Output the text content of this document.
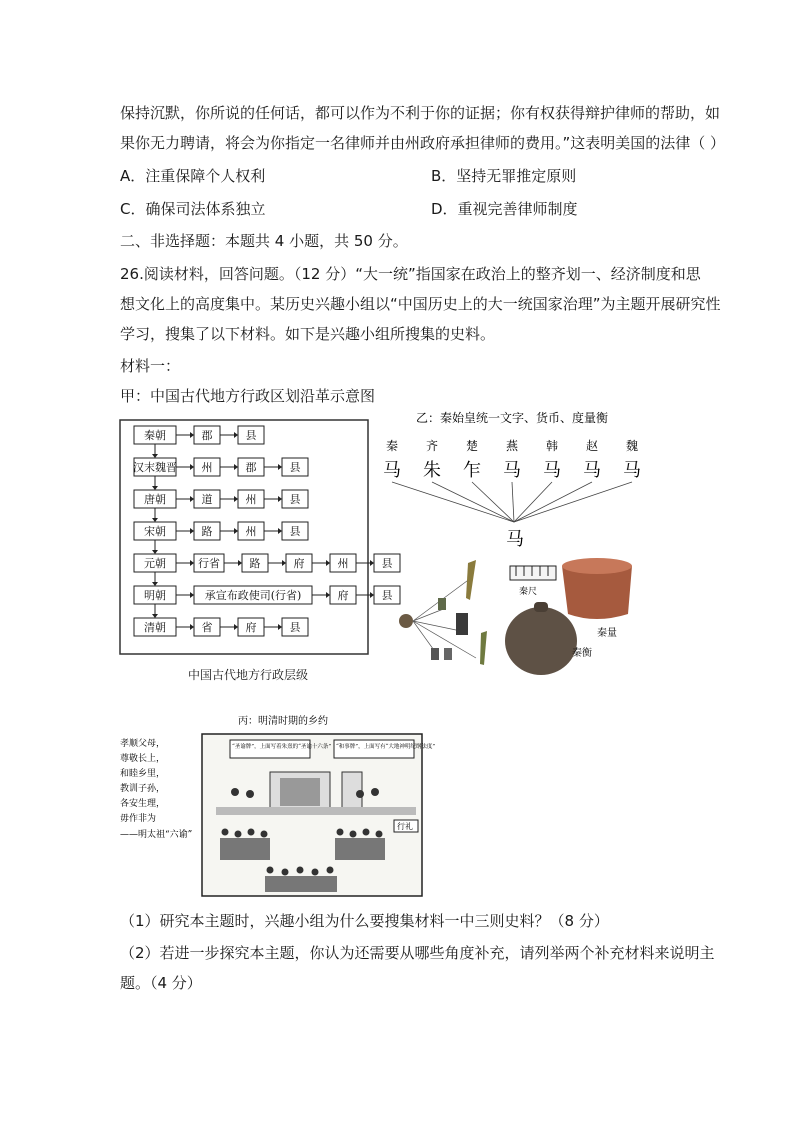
保持沉默，你所说的任何话，都可以作为不利于你的证据；你有权获得辩护律师的帮助，如
果你无力聘请，将会为你指定一名律师并由州政府承担律师的费用。”这表明美国的法律（ ）
A．注重保障个人权利	B．坚持无罪推定原则
C．确保司法体系独立	D．重视完善律师制度
二、非选择题：本题共 4 小题，共 50 分。
26.阅读材料，回答问题。（12 分）“大一统”指国家在政治上的整齐划一、经济制度和思
想文化上的高度集中。某历史兴趣小组以“中国历史上的大一统国家治理”为主题开展研究性
学习，搜集了以下材料。如下是兴趣小组所搜集的史料。
材料一：
甲：中国古代地方行政区划沿革示意图
秦朝	郡	县
汉末魏晋 州	郡	县
唐朝	道	州	县
宋朝	路	州	县
元朝	行省	路	府	州	县
明朝	承宣布政使司(行省)	府	县
清朝	省	府	县
中国古代地方行政层级
乙：秦始皇统一文字、货币、度量衡
秦
马
齐
朱
楚
乍
燕
马
韩
马
赵
马
魏
马
马
秦尺
秦量
秦衡
丙：明清时期的乡约
孝顺父母，
尊敬长上，
和睦乡里，
教训子孙，
各安生理，
毋作非为
——明太祖“六谕”
“圣谕牌”，上面写着朱熹的“圣谕十六条” “和事牌”，上面写有“大地神明纪纲法度”
行礼
（1）研究本主题时，兴趣小组为什么要搜集材料一中三则史料？（8 分）
（2）若进一步探究本主题，你认为还需要从哪些角度补充，请列举两个补充材料来说明主
题。（4 分）
